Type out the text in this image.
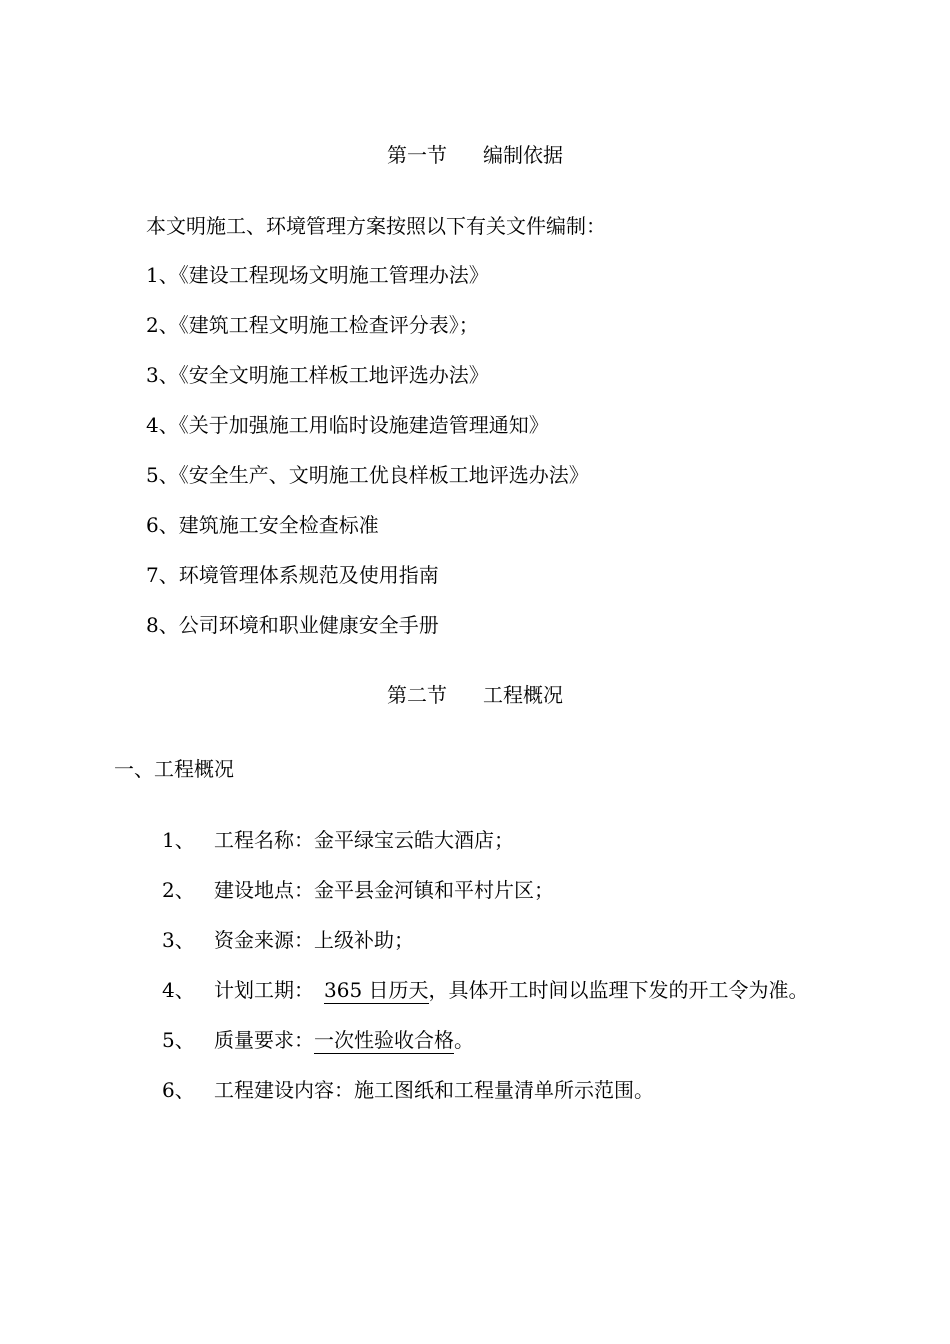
第一节 编制依据
本文明施工、环境管理方案按照以下有关文件编制：
1、《建设工程现场文明施工管理办法》
2、《建筑工程文明施工检查评分表》；
3、《安全文明施工样板工地评选办法》
4、《关于加强施工用临时设施建造管理通知》
5、《安全生产、文明施工优良样板工地评选办法》
6、建筑施工安全检查标准
7、环境管理体系规范及使用指南
8、公司环境和职业健康安全手册
第二节 工程概况
一、工程概况
1、 工程名称：金平绿宝云皓大酒店；
2、 建设地点：金平县金河镇和平村片区；
3、 资金来源：上级补助；
4、 计划工期： 365 日历天，具体开工时间以监理下发的开工令为准。
5、 质量要求：一次性验收合格。
6、 工程建设内容：施工图纸和工程量清单所示范围。
